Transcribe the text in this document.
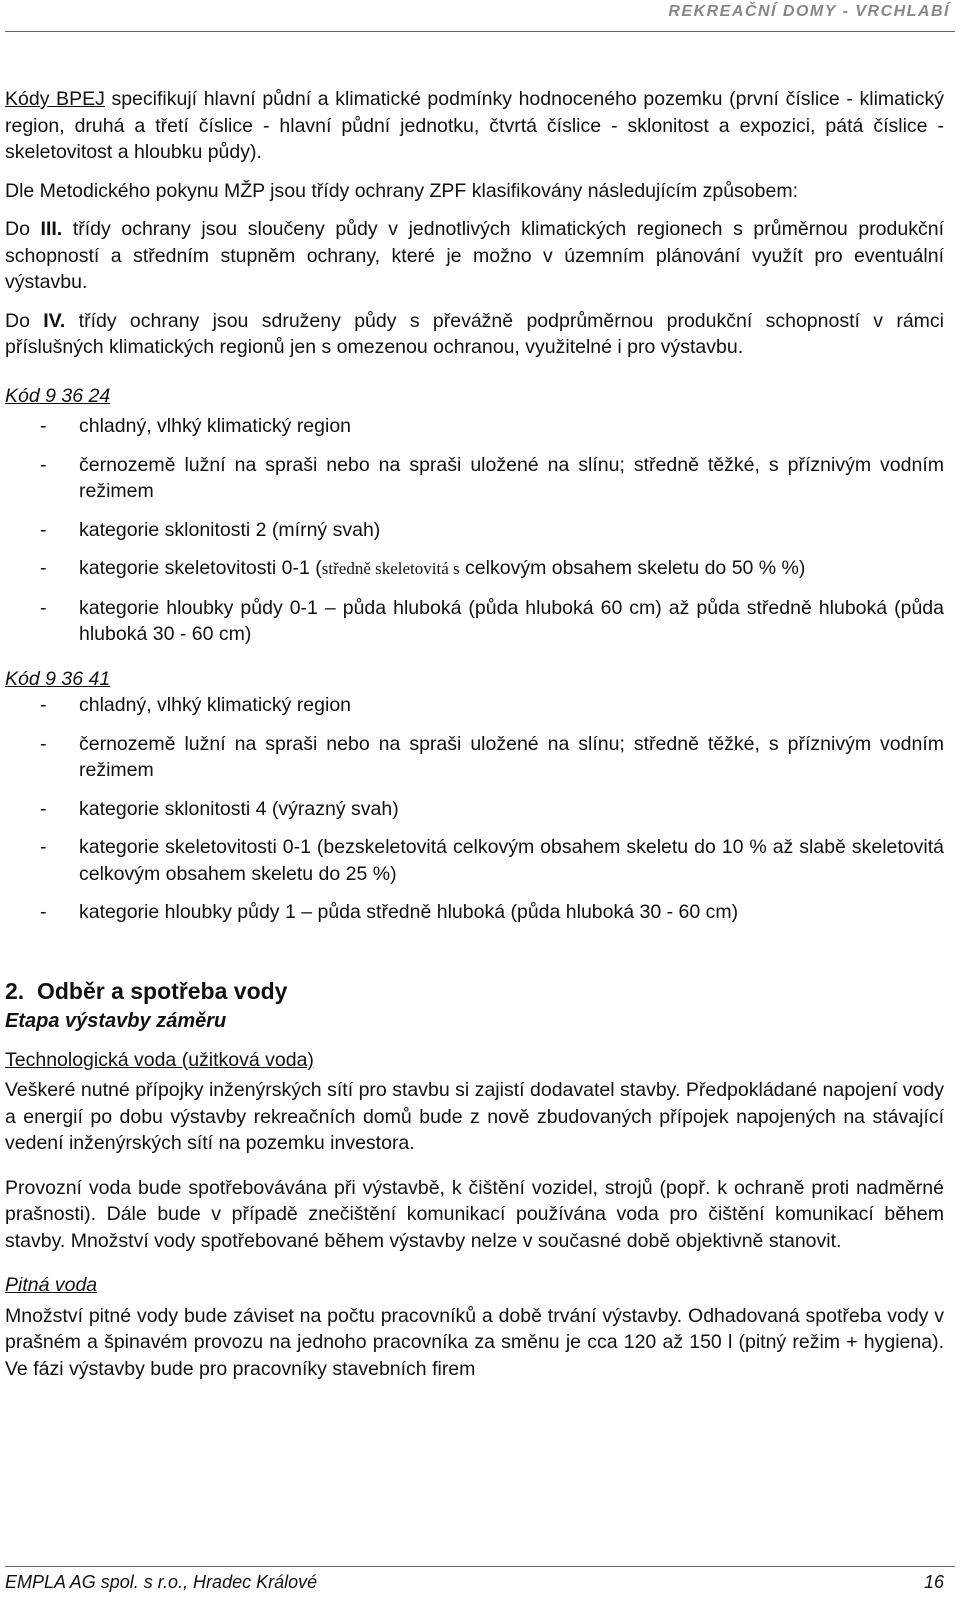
REKREAČNÍ DOMY - VRCHLABÍ

Kódy BPEJ specifikují hlavní půdní a klimatické podmínky hodnoceného pozemku (první číslice - klimatický region, druhá a třetí číslice - hlavní půdní jednotku, čtvrtá číslice - sklonitost a expozici, pátá číslice - skeletovitost a hloubku půdy).

Dle Metodického pokynu MŽP jsou třídy ochrany ZPF klasifikovány následujícím způsobem:

Do III. třídy ochrany jsou sloučeny půdy v jednotlivých klimatických regionech s průměrnou produkční schopností a středním stupněm ochrany, které je možno v územním plánování využít pro eventuální výstavbu.

Do IV. třídy ochrany jsou sdruženy půdy s převážně podprůměrnou produkční schopností v rámci příslušných klimatických regionů jen s omezenou ochranou, využitelné i pro výstavbu.

Kód 9 36 24

- chladný, vlhký klimatický region
- černozemě lužní na spraši nebo na spraši uložené na slínu; středně těžké, s příznivým vodním režimem
- kategorie sklonitosti 2 (mírný svah)
- kategorie skeletovitosti 0-1 (středně skeletovitá s celkovým obsahem skeletu do 50 % %)
- kategorie hloubky půdy 0-1 – půda hluboká (půda hluboká 60 cm) až půda středně hluboká (půda hluboká 30 - 60 cm)

Kód 9 36 41

- chladný, vlhký klimatický region
- černozemě lužní na spraši nebo na spraši uložené na slínu; středně těžké, s příznivým vodním režimem
- kategorie sklonitosti 4 (výrazný svah)
- kategorie skeletovitosti 0-1 (bezskeletovitá celkovým obsahem skeletu do 10 % až slabě skeletovitá celkovým obsahem skeletu do 25 %)
- kategorie hloubky půdy 1 – půda středně hluboká (půda hluboká 30 - 60 cm)

2.  Odběr a spotřeba vody

Etapa výstavby záměru

Technologická voda (užitková voda)

Veškeré nutné přípojky inženýrských sítí pro stavbu si zajistí dodavatel stavby. Předpokládané napojení vody a energií po dobu výstavby rekreačních domů bude z nově zbudovaných přípojek napojených na stávající vedení inženýrských sítí na pozemku investora.

Provozní voda bude spotřebovávána při výstavbě, k čištění vozidel, strojů (popř. k ochraně proti nadměrné prašnosti). Dále bude v případě znečištění komunikací používána voda pro čištění komunikací během stavby. Množství vody spotřebované během výstavby nelze v současné době objektivně stanovit.

Pitná voda

Množství pitné vody bude záviset na počtu pracovníků a době trvání výstavby. Odhadovaná spotřeba vody v prašném a špinavém provozu na jednoho pracovníka za směnu je cca 120 až 150 l (pitný režim + hygiena). Ve fázi výstavby bude pro pracovníky stavebních firem

EMPLA AG spol. s r.o., Hradec Králové	16
